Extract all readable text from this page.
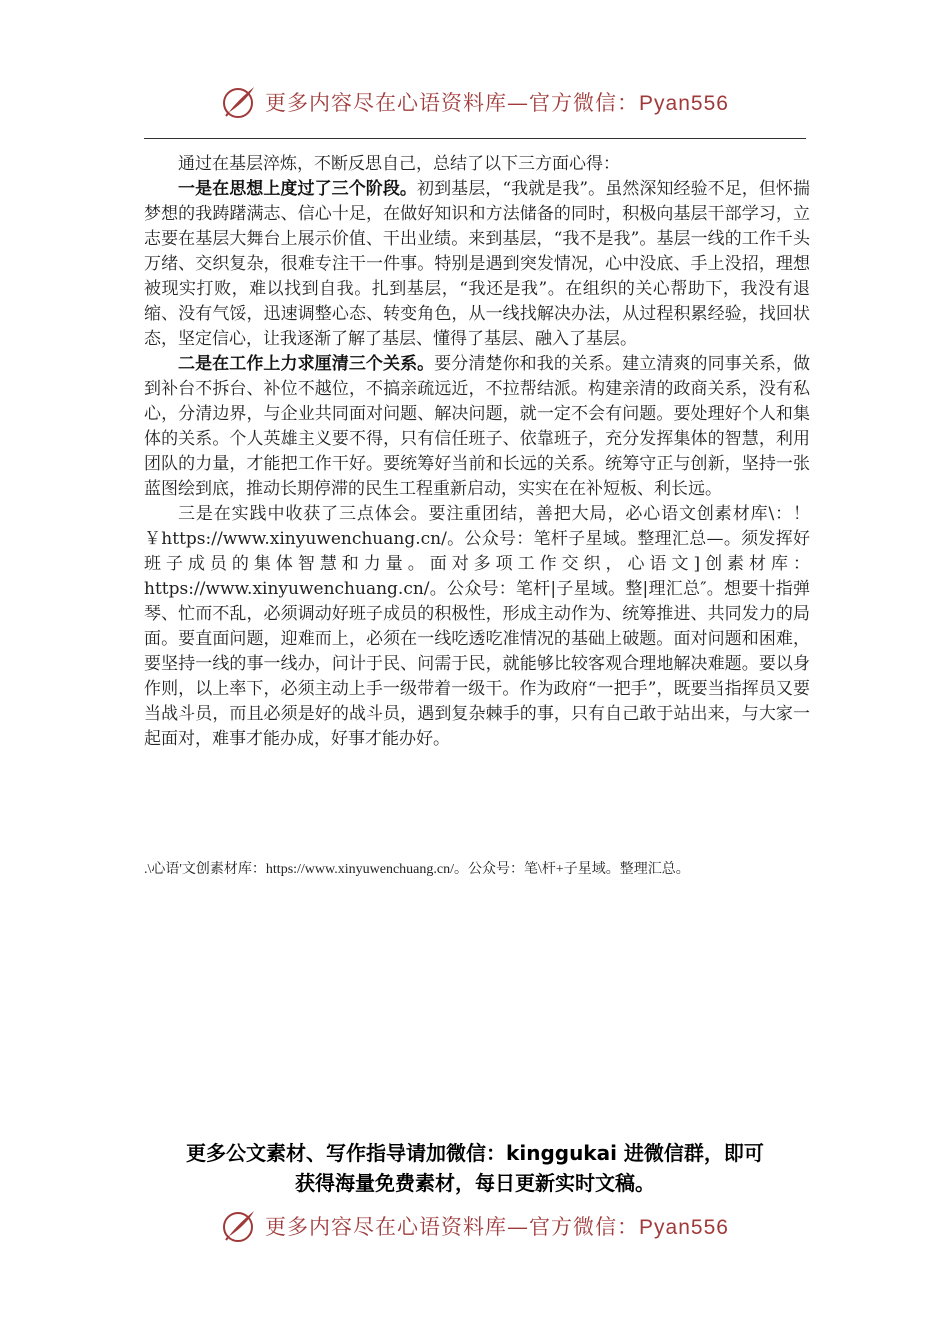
更多内容尽在心语资料库—官方微信：Pyan556

通过在基层淬炼，不断反思自己，总结了以下三方面心得：

一是在思想上度过了三个阶段。初到基层，“我就是我”。虽然深知经验不足，但怀揣梦想的我踌躇满志、信心十足，在做好知识和方法储备的同时，积极向基层干部学习，立志要在基层大舞台上展示价值、干出业绩。来到基层，“我不是我”。基层一线的工作千头万绪、交织复杂，很难专注干一件事。特别是遇到突发情况，心中没底、手上没招，理想被现实打败，难以找到自我。扎到基层，“我还是我”。在组织的关心帮助下，我没有退缩、没有气馁，迅速调整心态、转变角色，从一线找解决办法，从过程积累经验，找回状态，坚定信心，让我逐渐了解了基层、懂得了基层、融入了基层。

二是在工作上力求厘清三个关系。要分清楚你和我的关系。建立清爽的同事关系，做到补台不拆台、补位不越位，不搞亲疏远近，不拉帮结派。构建亲清的政商关系，没有私心，分清边界，与企业共同面对问题、解决问题，就一定不会有问题。要处理好个人和集体的关系。个人英雄主义要不得，只有信任班子、依靠班子，充分发挥集体的智慧，利用团队的力量，才能把工作干好。要统筹好当前和长远的关系。统筹守正与创新，坚持一张蓝图绘到底，推动长期停滞的民生工程重新启动，实实在在补短板、利长远。

三是在实践中收获了三点体会。要注重团结，善把大局，必心语文创素材库\：！￥https://www.xinyuwenchuang.cn/。公众号：笔杆子星域。整理汇总—。须发挥好班子成员的集体智慧和力量。面对多项工作交织，心语文]创素材库：https://www.xinyuwenchuang.cn/。公众号：笔杆|子星域。整|理汇总″。想要十指弹琴、忙而不乱，必须调动好班子成员的积极性，形成主动作为、统筹推进、共同发力的局面。要直面问题，迎难而上，必须在一线吃透吃准情况的基础上破题。面对问题和困难，要坚持一线的事一线办，问计于民、问需于民，就能够比较客观合理地解决难题。要以身作则，以上率下，必须主动上手一级带着一级干。作为政府“一把手”，既要当指挥员又要当战斗员，而且必须是好的战斗员，遇到复杂棘手的事，只有自己敢于站出来，与大家一起面对，难事才能办成，好事才能办好。

.\心语'文创素材库：https://www.xinyuwenchuang.cn/。公众号：笔\杆+子星域。整理汇总。
更多公文素材、写作指导请加微信：kinggukai 进微信群，即可
获得海量免费素材，每日更新实时文稿。
更多内容尽在心语资料库—官方微信：Pyan556
